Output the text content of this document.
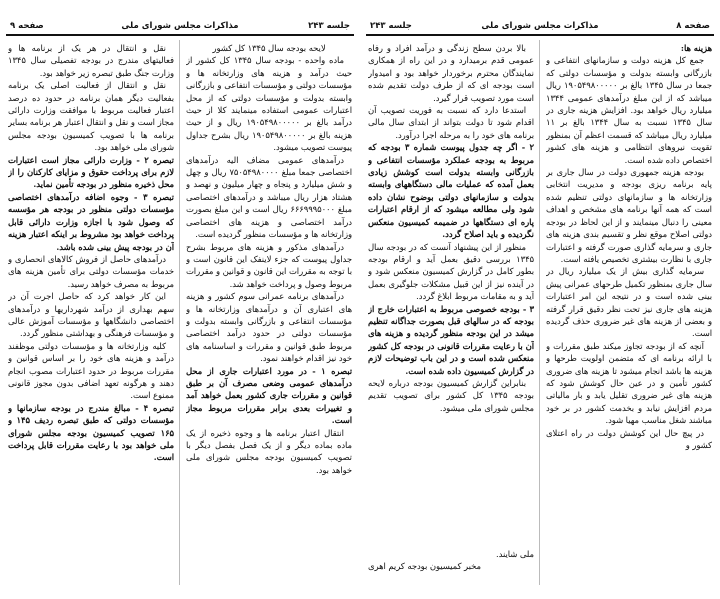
جلسه ۲۴۳
مذاکرات مجلس شورای ملی
صفحه ۹

لایحه بودجه سال ۱۳۴۵ کل کشور

ماده واحده - بودجه سال ۱۳۴۵ کل کشور از حیث درآمد و هزینه های وزارتخانه ها و مؤسسات دولتی و مؤسسات انتفاعی و بازرگانی وابسته بدولت و مؤسسات دولتی که از محل اعتبارات عمومی استفاده مینمایند کلا از حیث درآمد بالغ بر ۱۹۰۵۴۹۸۰۰۰۰۰ ریال و از حیث هزینه بالغ بر ۱۹۰۵۴۹۸۰۰۰۰۰ ریال بشرح جداول پیوست تصویب میشود.

درآمدهای عمومی مضاف الیه درآمدهای اختصاصی جمعا مبلغ ۷۵۰۵۴۹۸۰۰۰۰ ریال و چهل و شش میلیارد و پنجاه و چهار میلیون و نهصد و هشتاد هزار ریال میباشد و درآمدهای اختصاصی مبلغ ۶۶۶۹۹۹۵۰۰۰ ریال است و این مبلغ بصورت درآمد اختصاصی و هزینه های اختصاصی وزارتخانه ها و مؤسسات منظور گردیده است.

درآمدهای مذکور و هزینه های مربوط بشرح جداول پیوست که جزء لاینفک این قانون است و با توجه به مقررات این قانون و قوانین و مقررات مربوط وصول و پرداخت خواهد شد.

درآمدهای برنامه عمرانی سوم کشور و هزینه های اعتباری آن و درآمدهای وزارتخانه ها و مؤسسات انتفاعی و بازرگانی وابسته بدولت و مؤسسات دولتی در حدود درآمد اختصاصی مربوط طبق قوانین و مقررات و اساسنامه های خود نیز اقدام خواهند نمود.

تبصره ۱ - در مورد اعتبارات جاری از محل درآمدهای عمومی وضعی مصرف آن بر طبق قوانین و مقررات جاری کشور بعمل خواهد آمد و تغییرات بعدی برابر مقررات مربوط مجاز است.

انتقال اعتبار برنامه ها و وجوه ذخیره از یک ماده بماده دیگر و از یک فصل بفصل دیگر با تصویب کمیسیون بودجه مجلس شورای ملی خواهد بود.

نقل و انتقال در هر یک از برنامه ها و فعالیتهای مندرج در بودجه تفصیلی سال ۱۳۴۵ وزارت جنگ طبق تبصره زیر خواهد بود.

نقل و انتقال از فعالیت اصلی یک برنامه بفعالیت دیگر همان برنامه در حدود ده درصد اعتبار فعالیت مربوط با موافقت وزارت دارائی مجاز است و نقل و انتقال اعتبار هر برنامه بسایر برنامه ها با تصویب کمیسیون بودجه مجلس شورای ملی خواهد بود.

تبصره ۲ - وزارت دارائی مجاز است اعتبارات لازم برای پرداخت حقوق و مزایای کارکنان را از محل ذخیره منظور در بودجه تأمین نماید.

تبصره ۳ - وجوه اضافه درآمدهای اختصاصی مؤسسات دولتی منظور در بودجه هر مؤسسه که وصول شود با اجازه وزارت دارائی قابل پرداخت خواهد بود مشروط بر اینکه اعتبار هزینه آن در بودجه پیش بینی شده باشد.

درآمدهای حاصل از فروش کالاهای انحصاری و خدمات مؤسسات دولتی برای تأمین هزینه های مربوط به مصرف خواهد رسید.

این کار خواهد کرد که حاصل اجرت آن در سهم بهداری از درآمد شهرداریها و درآمدهای اختصاصی دانشگاهها و مؤسسات آموزش عالی و مؤسسات فرهنگی و بهداشتی منظور گردد.

کلیه وزارتخانه ها و مؤسسات دولتی موظفند درآمد و هزینه های خود را بر اساس قوانین و مقررات مربوط در حدود اعتبارات مصوب انجام دهند و هرگونه تعهد اضافی بدون مجوز قانونی ممنوع است.

تبصره ۴ - مبالغ مندرج در بودجه سازمانها و مؤسسات دولتی که طبق تبصره ردیف ۱۴۵ و ۱۶۵ تصویب کمیسیون بودجه مجلس شورای ملی خواهد بود با رعایت مقررات قابل پرداخت است.

صفحه ۸
مذاکرات مجلس شورای ملی
جلسه ۲۴۳

هزینه ها:

جمع کل هزینه دولت و سازمانهای انتفاعی و بازرگانی وابسته بدولت و مؤسسات دولتی که جمعا در سال ۱۳۴۵ بالغ بر ۱۹۰۵۴۹۸۰۰۰۰۰ ریال میباشد که از این مبلغ درآمدهای عمومی ۱۳۴۴ میلیارد ریال خواهد بود. افزایش هزینه جاری در سال ۱۳۴۵ نسبت به سال ۱۳۴۴ بالغ بر ۱۱ میلیارد ریال میباشد که قسمت اعظم آن بمنظور تقویت نیروهای انتظامی و هزینه های کشور اختصاص داده شده است.

بودجه هزینه جمهوری دولت در سال جاری بر پایه برنامه ریزی بودجه و مدیریت انتخابی وزارتخانه ها و سازمانهای دولتی تنظیم شده است که همه آنها برنامه های مشخص و اهداف معینی را دنبال مینمایند و از این لحاظ در بودجه دولتی اصلاح موقع نظر و تقسیم بندی هزینه های جاری و سرمایه گذاری صورت گرفته و اعتبارات جاری با نظارت بیشتری تخصیص یافته است.

سرمایه گذاری بیش از یک میلیارد ریال در سال جاری بمنظور تکمیل طرحهای عمرانی پیش بینی شده است و در نتیجه این امر اعتبارات هزینه های جاری نیز تحت نظر دقیق قرار گرفته و بعضی از هزینه های غیر ضروری حذف گردیده است.

آنچه که از بودجه تجاوز میکند طبق مقررات و با ارائه برنامه ای که متضمن اولویت طرحها و هزینه ها باشد انجام میشود تا هزینه های ضروری کشور تأمین و در عین حال کوشش شود که هزینه های غیر ضروری تقلیل یابد و بار مالیاتی مردم افزایش نیابد و بخدمت کشور در بر خود مباشند شغل مناسب مهیا شود.

در پیچ حال این کوشش دولت در راه اعتلای کشور و

بالا بردن سطح زندگی و درآمد افراد و رفاه عمومی قدم برمیدارد و در این راه از همکاری نمایندگان محترم برخوردار خواهد بود و امیدوار است بودجه ای که از طرف دولت تقدیم شده است مورد تصویب قرار گیرد.

استدعا دارد که نسبت به فوریت تصویب آن اقدام شود تا دولت بتواند از ابتدای سال مالی برنامه های خود را به مرحله اجرا درآورد.

۲ - اگر چه جدول پیوست شماره ۳ بودجه که مربوط به بودجه عملکرد مؤسسات انتفاعی و بازرگانی وابسته بدولت است کوشش زیادی بعمل آمده که عملیات مالی دستگاههای وابسته بدولت و سازمانهای دولتی بوضوح نشان داده شود ولی مطالعه میشود که از ارقام اعتبارات پاره ای دستگاهها در ضمیمه کمیسیون منعکس نگردیده و باید اصلاح گردد.

منظور از این پیشنهاد آنست که در بودجه سال ۱۳۴۵ بررسی دقیق بعمل آید و ارقام بودجه بطور کامل در گزارش کمیسیون منعکس شود و در آینده نیز از این قبیل مشکلات جلوگیری بعمل آید و به مقامات مربوط ابلاغ گردد.

۳ - بودجه خصوصی مربوط به اعتبارات خارج از بودجه که در سالهای قبل بصورت جداگانه تنظیم میشد در این بودجه منظور گردیده و هزینه های آن با رعایت مقررات قانونی در بودجه کل کشور منعکس شده است و در این باب توضیحات لازم در گزارش کمیسیون داده شده است.

بنابراین گزارش کمیسیون بودجه درباره لایحه بودجه ۱۳۴۵ کل کشور برای تصویب تقدیم مجلس شورای ملی میشود.

ملی شایند.
مخبر کمیسیون بودجه کریم اهری
